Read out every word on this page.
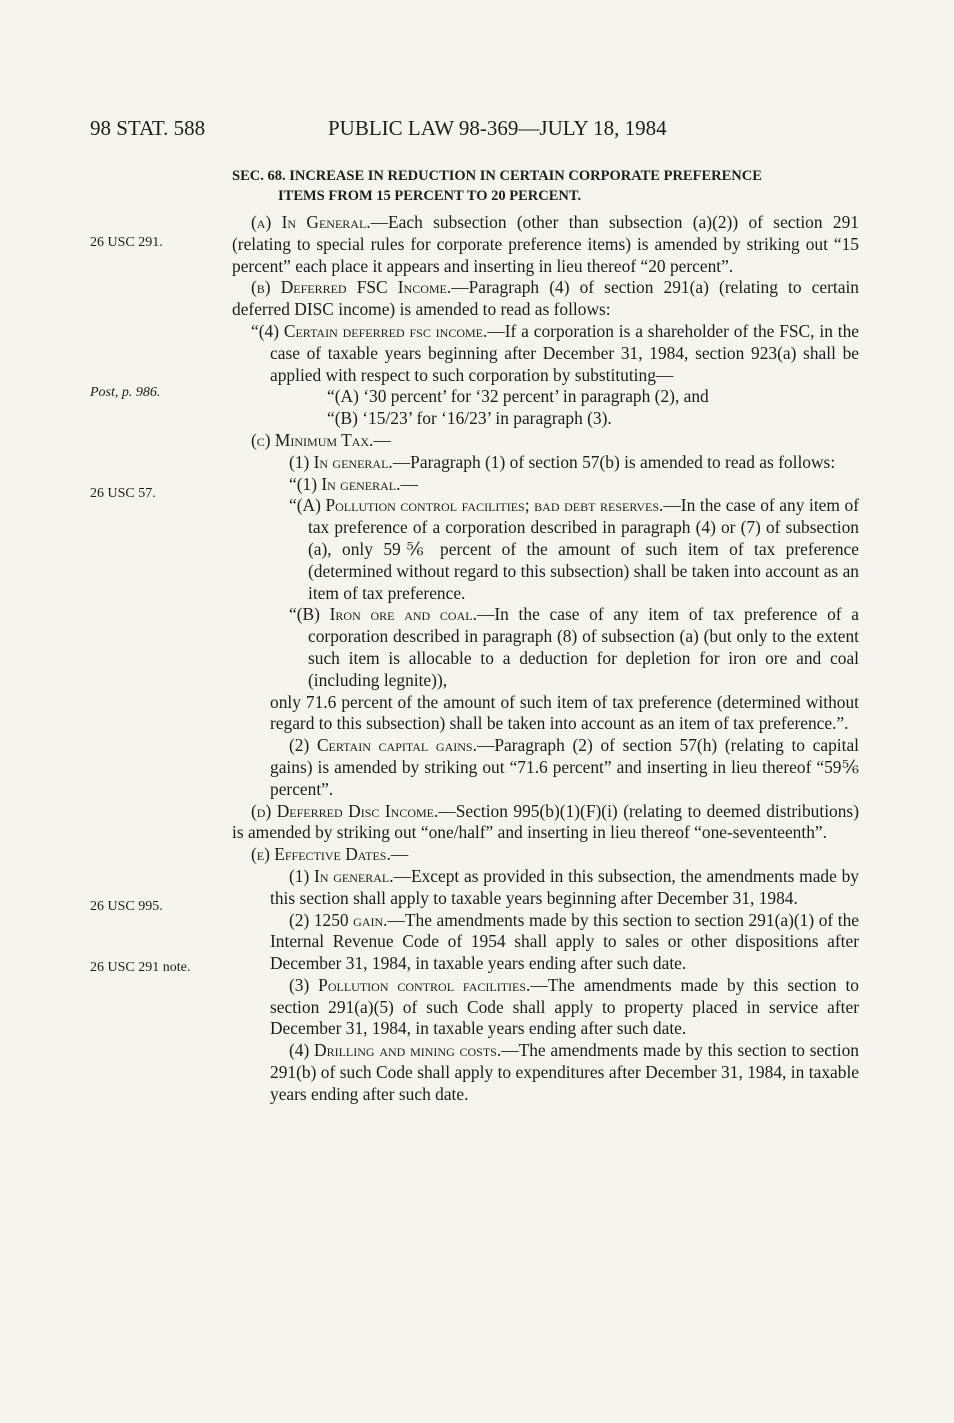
98 STAT. 588	PUBLIC LAW 98-369—JULY 18, 1984
26 USC 291.
Post, p. 986.
26 USC 57.
26 USC 995.
26 USC 291 note.
SEC. 68. INCREASE IN REDUCTION IN CERTAIN CORPORATE PREFERENCE
ITEMS FROM 15 PERCENT TO 20 PERCENT.

(a) In General.—Each subsection (other than subsection (a)(2)) of section 291 (relating to special rules for corporate preference items) is amended by striking out “15 percent” each place it appears and inserting in lieu thereof “20 percent”.

(b) Deferred FSC Income.—Paragraph (4) of section 291(a) (relating to certain deferred DISC income) is amended to read as follows:

“(4) Certain deferred fsc income.—If a corporation is a shareholder of the FSC, in the case of taxable years beginning after December 31, 1984, section 923(a) shall be applied with respect to such corporation by substituting—

“(A) ‘30 percent’ for ‘32 percent’ in paragraph (2), and

“(B) ‘15/23’ for ‘16/23’ in paragraph (3).

(c) Minimum Tax.—

(1) In general.—Paragraph (1) of section 57(b) is amended to read as follows:

“(1) In general.—

“(A) Pollution control facilities; bad debt reserves.—In the case of any item of tax preference of a corporation described in paragraph (4) or (7) of subsection (a), only 59⅚ percent of the amount of such item of tax preference (determined without regard to this subsection) shall be taken into account as an item of tax preference.

“(B) Iron ore and coal.—In the case of any item of tax preference of a corporation described in paragraph (8) of subsection (a) (but only to the extent such item is allocable to a deduction for depletion for iron ore and coal (including legnite)),

only 71.6 percent of the amount of such item of tax preference (determined without regard to this subsection) shall be taken into account as an item of tax preference.”.

(2) Certain capital gains.—Paragraph (2) of section 57(h) (relating to capital gains) is amended by striking out “71.6 percent” and inserting in lieu thereof “59⅚ percent”.

(d) Deferred Disc Income.—Section 995(b)(1)(F)(i) (relating to deemed distributions) is amended by striking out “one/half” and inserting in lieu thereof “one-seventeenth”.

(e) Effective Dates.—

(1) In general.—Except as provided in this subsection, the amendments made by this section shall apply to taxable years beginning after December 31, 1984.

(2) 1250 gain.—The amendments made by this section to section 291(a)(1) of the Internal Revenue Code of 1954 shall apply to sales or other dispositions after December 31, 1984, in taxable years ending after such date.

(3) Pollution control facilities.—The amendments made by this section to section 291(a)(5) of such Code shall apply to property placed in service after December 31, 1984, in taxable years ending after such date.

(4) Drilling and mining costs.—The amendments made by this section to section 291(b) of such Code shall apply to expenditures after December 31, 1984, in taxable years ending after such date.
